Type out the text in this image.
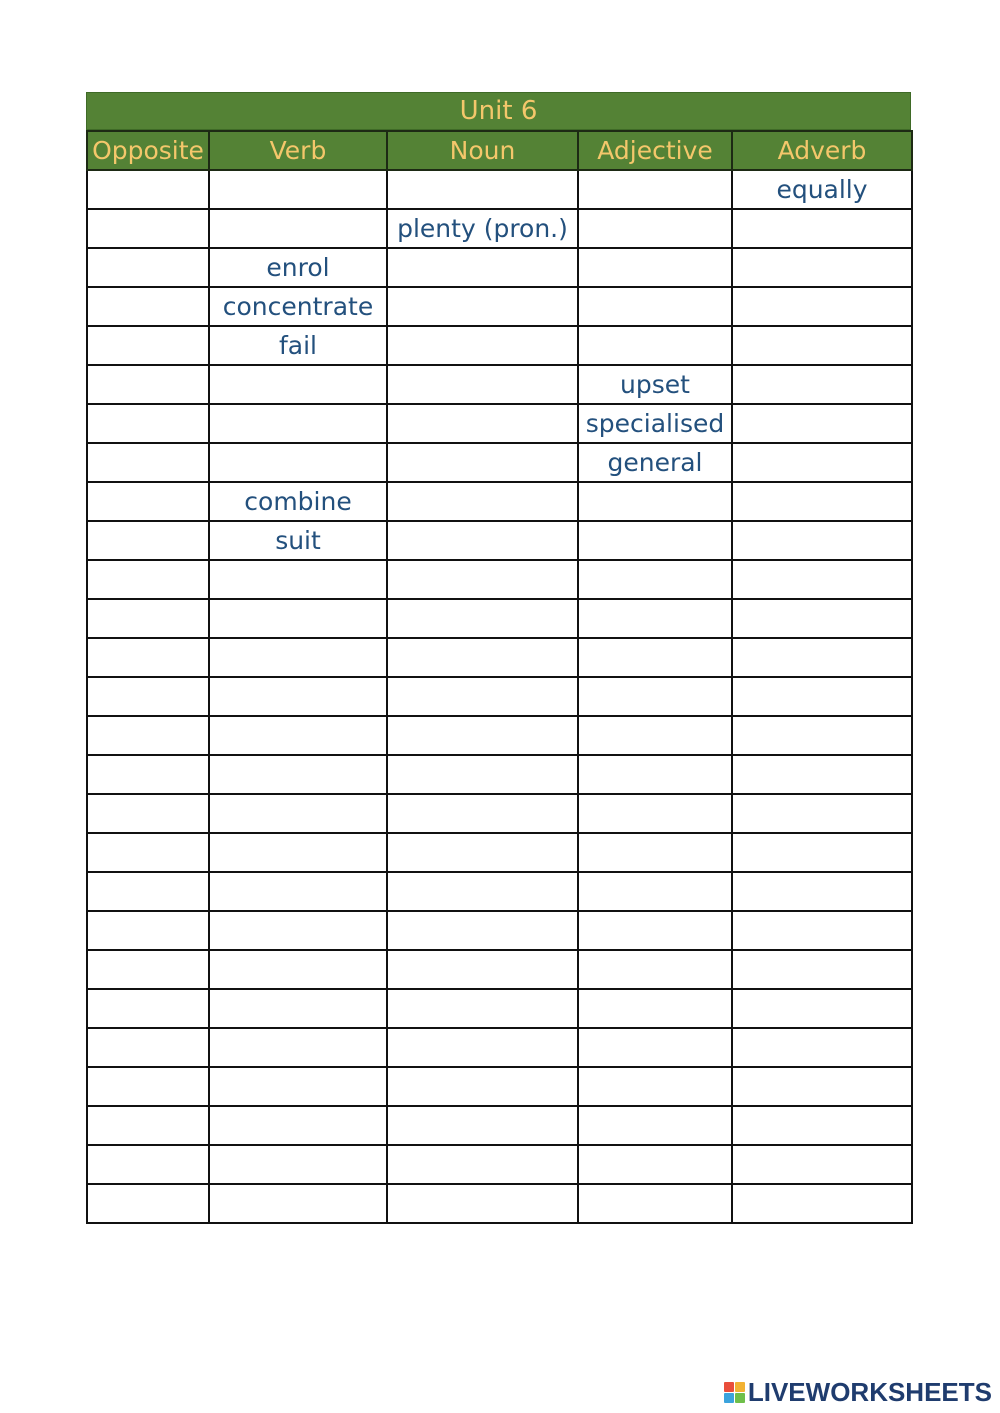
Unit 6
Opposite	Verb	Noun	Adjective	Adverb
				equally
		plenty (pron.)		
	enrol			
	concentrate			
	fail			
			upset	
			specialised	
			general	
	combine			
	suit			

LIVEWORKSHEETS
